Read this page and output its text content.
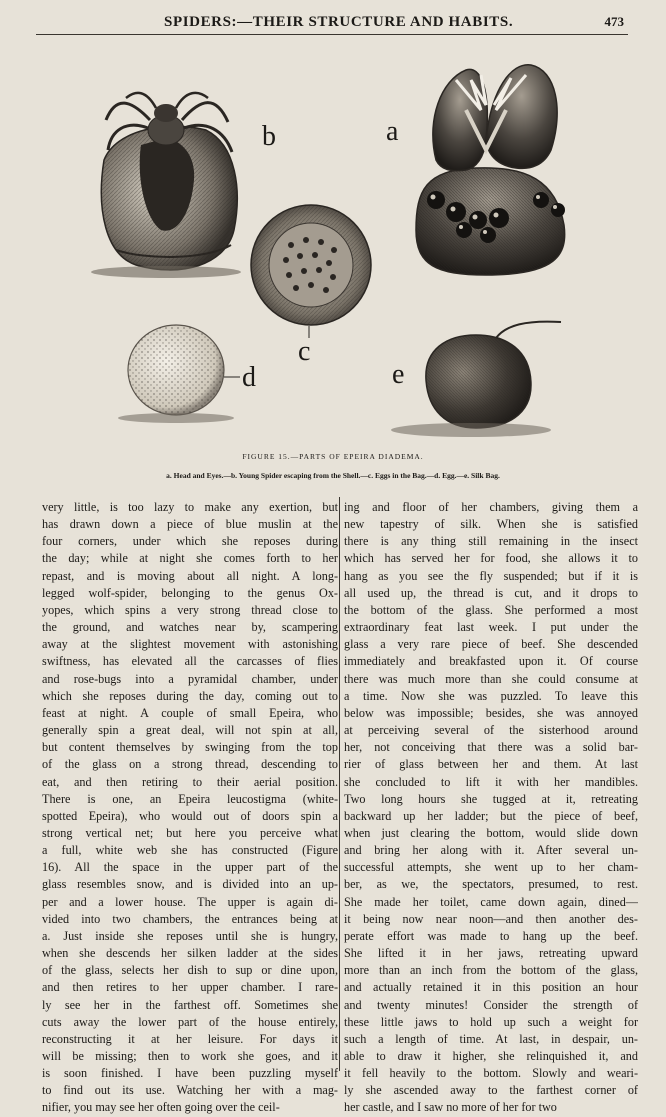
SPIDERS:—THEIR STRUCTURE AND HABITS.	473
b	a
c
d	e
FIGURE 15.—PARTS OF EPEIRA DIADEMA.
a. Head and Eyes.—b. Young Spider escaping from the Shell.—c. Eggs in the Bag.—d. Egg.—e. Silk Bag.
very little, is too lazy to make any exertion, but
has drawn down a piece of blue muslin at the
four corners, under which she reposes during
the day; while at night she comes forth to her
repast, and is moving about all night. A long-
legged wolf-spider, belonging to the genus Ox-
yopes, which spins a very strong thread close to
the ground, and watches near by, scampering
away at the slightest movement with astonishing
swiftness, has elevated all the carcasses of flies
and rose-bugs into a pyramidal chamber, under
which she reposes during the day, coming out to
feast at night. A couple of small Epeira, who
generally spin a great deal, will not spin at all,
but content themselves by swinging from the top
of the glass on a strong thread, descending to
eat, and then retiring to their aerial position.
There is one, an Epeira leucostigma (white-
spotted Epeira), who would out of doors spin a
strong vertical net; but here you perceive what
a full, white web she has constructed (Figure
16). All the space in the upper part of the
glass resembles snow, and is divided into an up-
per and a lower house. The upper is again di-
vided into two chambers, the entrances being at
a. Just inside she reposes until she is hungry,
when she descends her silken ladder at the sides
of the glass, selects her dish to sup or dine upon,
and then retires to her upper chamber. I rare-
ly see her in the farthest off. Sometimes she
cuts away the lower part of the house entirely,
reconstructing it at her leisure. For days it
will be missing; then to work she goes, and it
is soon finished. I have been puzzling myself
to find out its use. Watching her with a mag-
nifier, you may see her often going over the ceil-
ing and floor of her chambers, giving them a
new tapestry of silk. When she is satisfied
there is any thing still remaining in the insect
which has served her for food, she allows it to
hang as you see the fly suspended; but if it is
all used up, the thread is cut, and it drops to
the bottom of the glass. She performed a most
extraordinary feat last week. I put under the
glass a very rare piece of beef. She descended
immediately and breakfasted upon it. Of course
there was much more than she could consume at
a time. Now she was puzzled. To leave this
below was impossible; besides, she was annoyed
at perceiving several of the sisterhood around
her, not conceiving that there was a solid bar-
rier of glass between her and them. At last
she concluded to lift it with her mandibles.
Two long hours she tugged at it, retreating
backward up her ladder; but the piece of beef,
when just clearing the bottom, would slide down
and bring her along with it. After several un-
successful attempts, she went up to her cham-
ber, as we, the spectators, presumed, to rest.
She made her toilet, came down again, dined—
it being now near noon—and then another des-
perate effort was made to hang up the beef.
She lifted it in her jaws, retreating upward
more than an inch from the bottom of the glass,
and actually retained it in this position an hour
and twenty minutes! Consider the strength of
these little jaws to hold up such a weight for
such a length of time. At last, in despair, un-
able to draw it higher, she relinquished it, and
it fell heavily to the bottom. Slowly and weari-
ly she ascended away to the farthest corner of
her castle, and I saw no more of her for two
